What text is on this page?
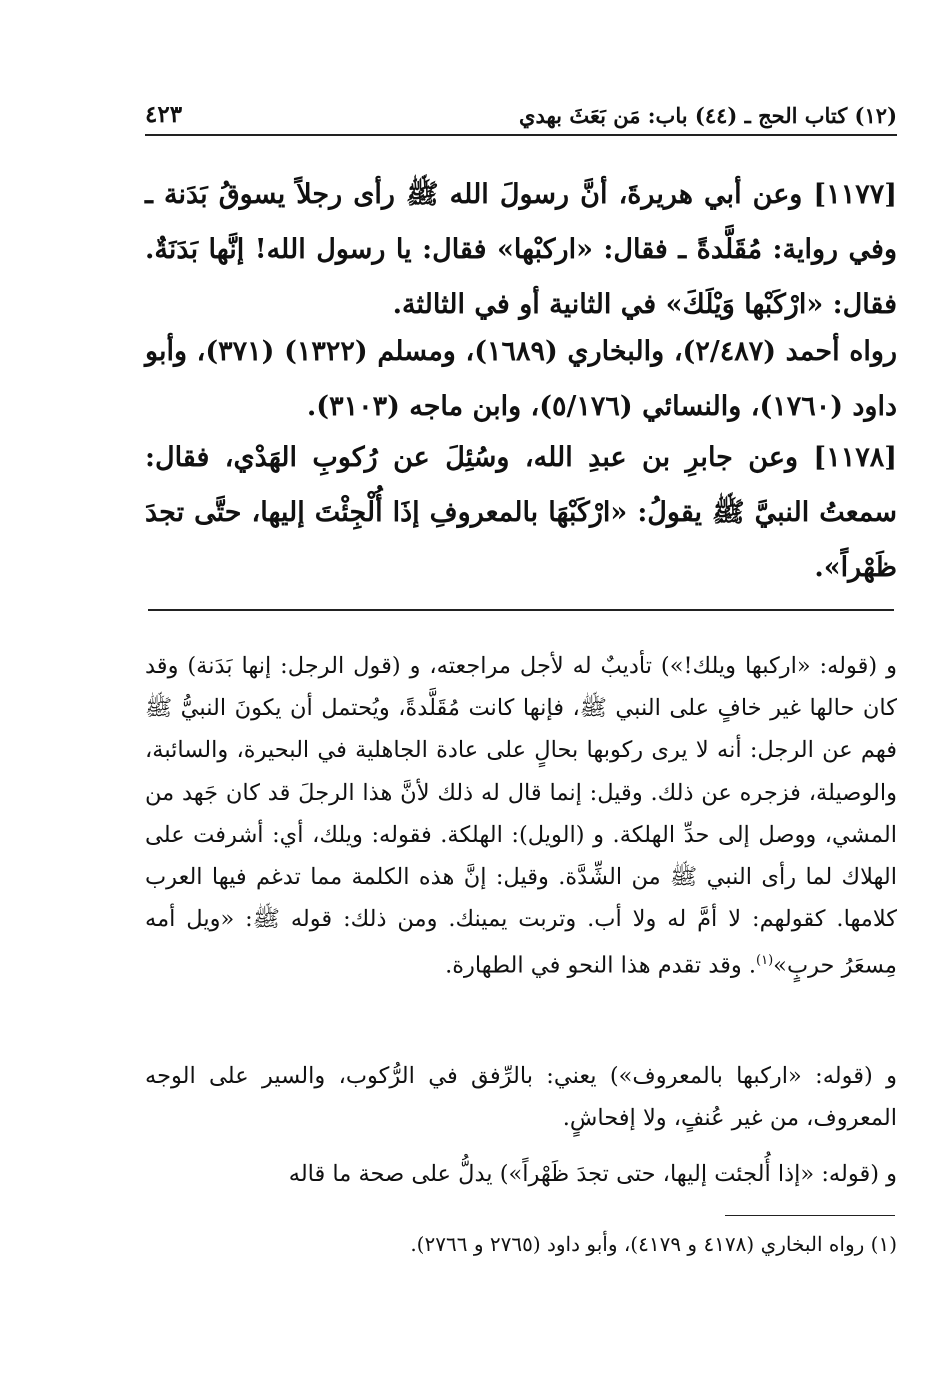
(١٢) كتاب الحج ـ (٤٤) باب: مَن بَعَثَ بهدي
٤٢٣

[١١٧٧] وعن أبي هريرةَ، أنَّ رسولَ الله ﷺ رأى رجلاً يسوقُ بَدَنة ـ وفي رواية: مُقَلَّدةً ـ فقال: «اركبْها» فقال: يا رسول الله! إنَّها بَدَنَةٌ. فقال: «ارْكَبْها وَيْلَكَ» في الثانية أو في الثالثة.

رواه أحمد (٢/٤٨٧)، والبخاري (١٦٨٩)، ومسلم (١٣٢٢) (٣٧١)، وأبو داود (١٧٦٠)، والنسائي (٥/١٧٦)، وابن ماجه (٣١٠٣).

[١١٧٨] وعن جابرِ بن عبدِ الله، وسُئِلَ عن رُكوبِ الهَدْي، فقال: سمعتُ النبيَّ ﷺ يقولُ: «ارْكَبْهَا بالمعروفِ إذَا أُلْجِئْتَ إليها، حتَّى تجدَ ظَهْراً».

و (قوله: «اركبها ويلك!») تأديبٌ له لأجل مراجعته، و (قول الرجل: إنها بَدَنة) وقد كان حالها غير خافٍ على النبي ﷺ، فإنها كانت مُقَلَّدةً، ويُحتمل أن يكونَ النبيُّ ﷺ فهم عن الرجل: أنه لا يرى ركوبها بحالٍ على عادة الجاهلية في البحيرة، والسائبة، والوصيلة، فزجره عن ذلك. وقيل: إنما قال له ذلك لأنَّ هذا الرجلَ قد كان جَهد من المشي، ووصل إلى حدِّ الهلكة. و (الويل): الهلكة. فقوله: ويلك، أي: أشرفت على الهلاك لما رأى النبي ﷺ من الشِّدَّة. وقيل: إنَّ هذه الكلمة مما تدغم فيها العرب كلامها. كقولهم: لا أمَّ له ولا أب. وتربت يمينك. ومن ذلك: قوله ﷺ: «ويل أمه مِسعَرُ حربٍ»$^{(١)}$. وقد تقدم هذا النحو في الطهارة.

و (قوله: «اركبها بالمعروف») يعني: بالرِّفق في الرُّكوب، والسير على الوجه المعروف، من غير عُنفٍ، ولا إفحاشٍ.

و (قوله: «إذا أُلجئت إليها، حتى تجدَ ظَهْراً») يدلُّ على صحة ما قاله

(١) رواه البخاري (٤١٧٨ و ٤١٧٩)، وأبو داود (٢٧٦٥ و ٢٧٦٦).
